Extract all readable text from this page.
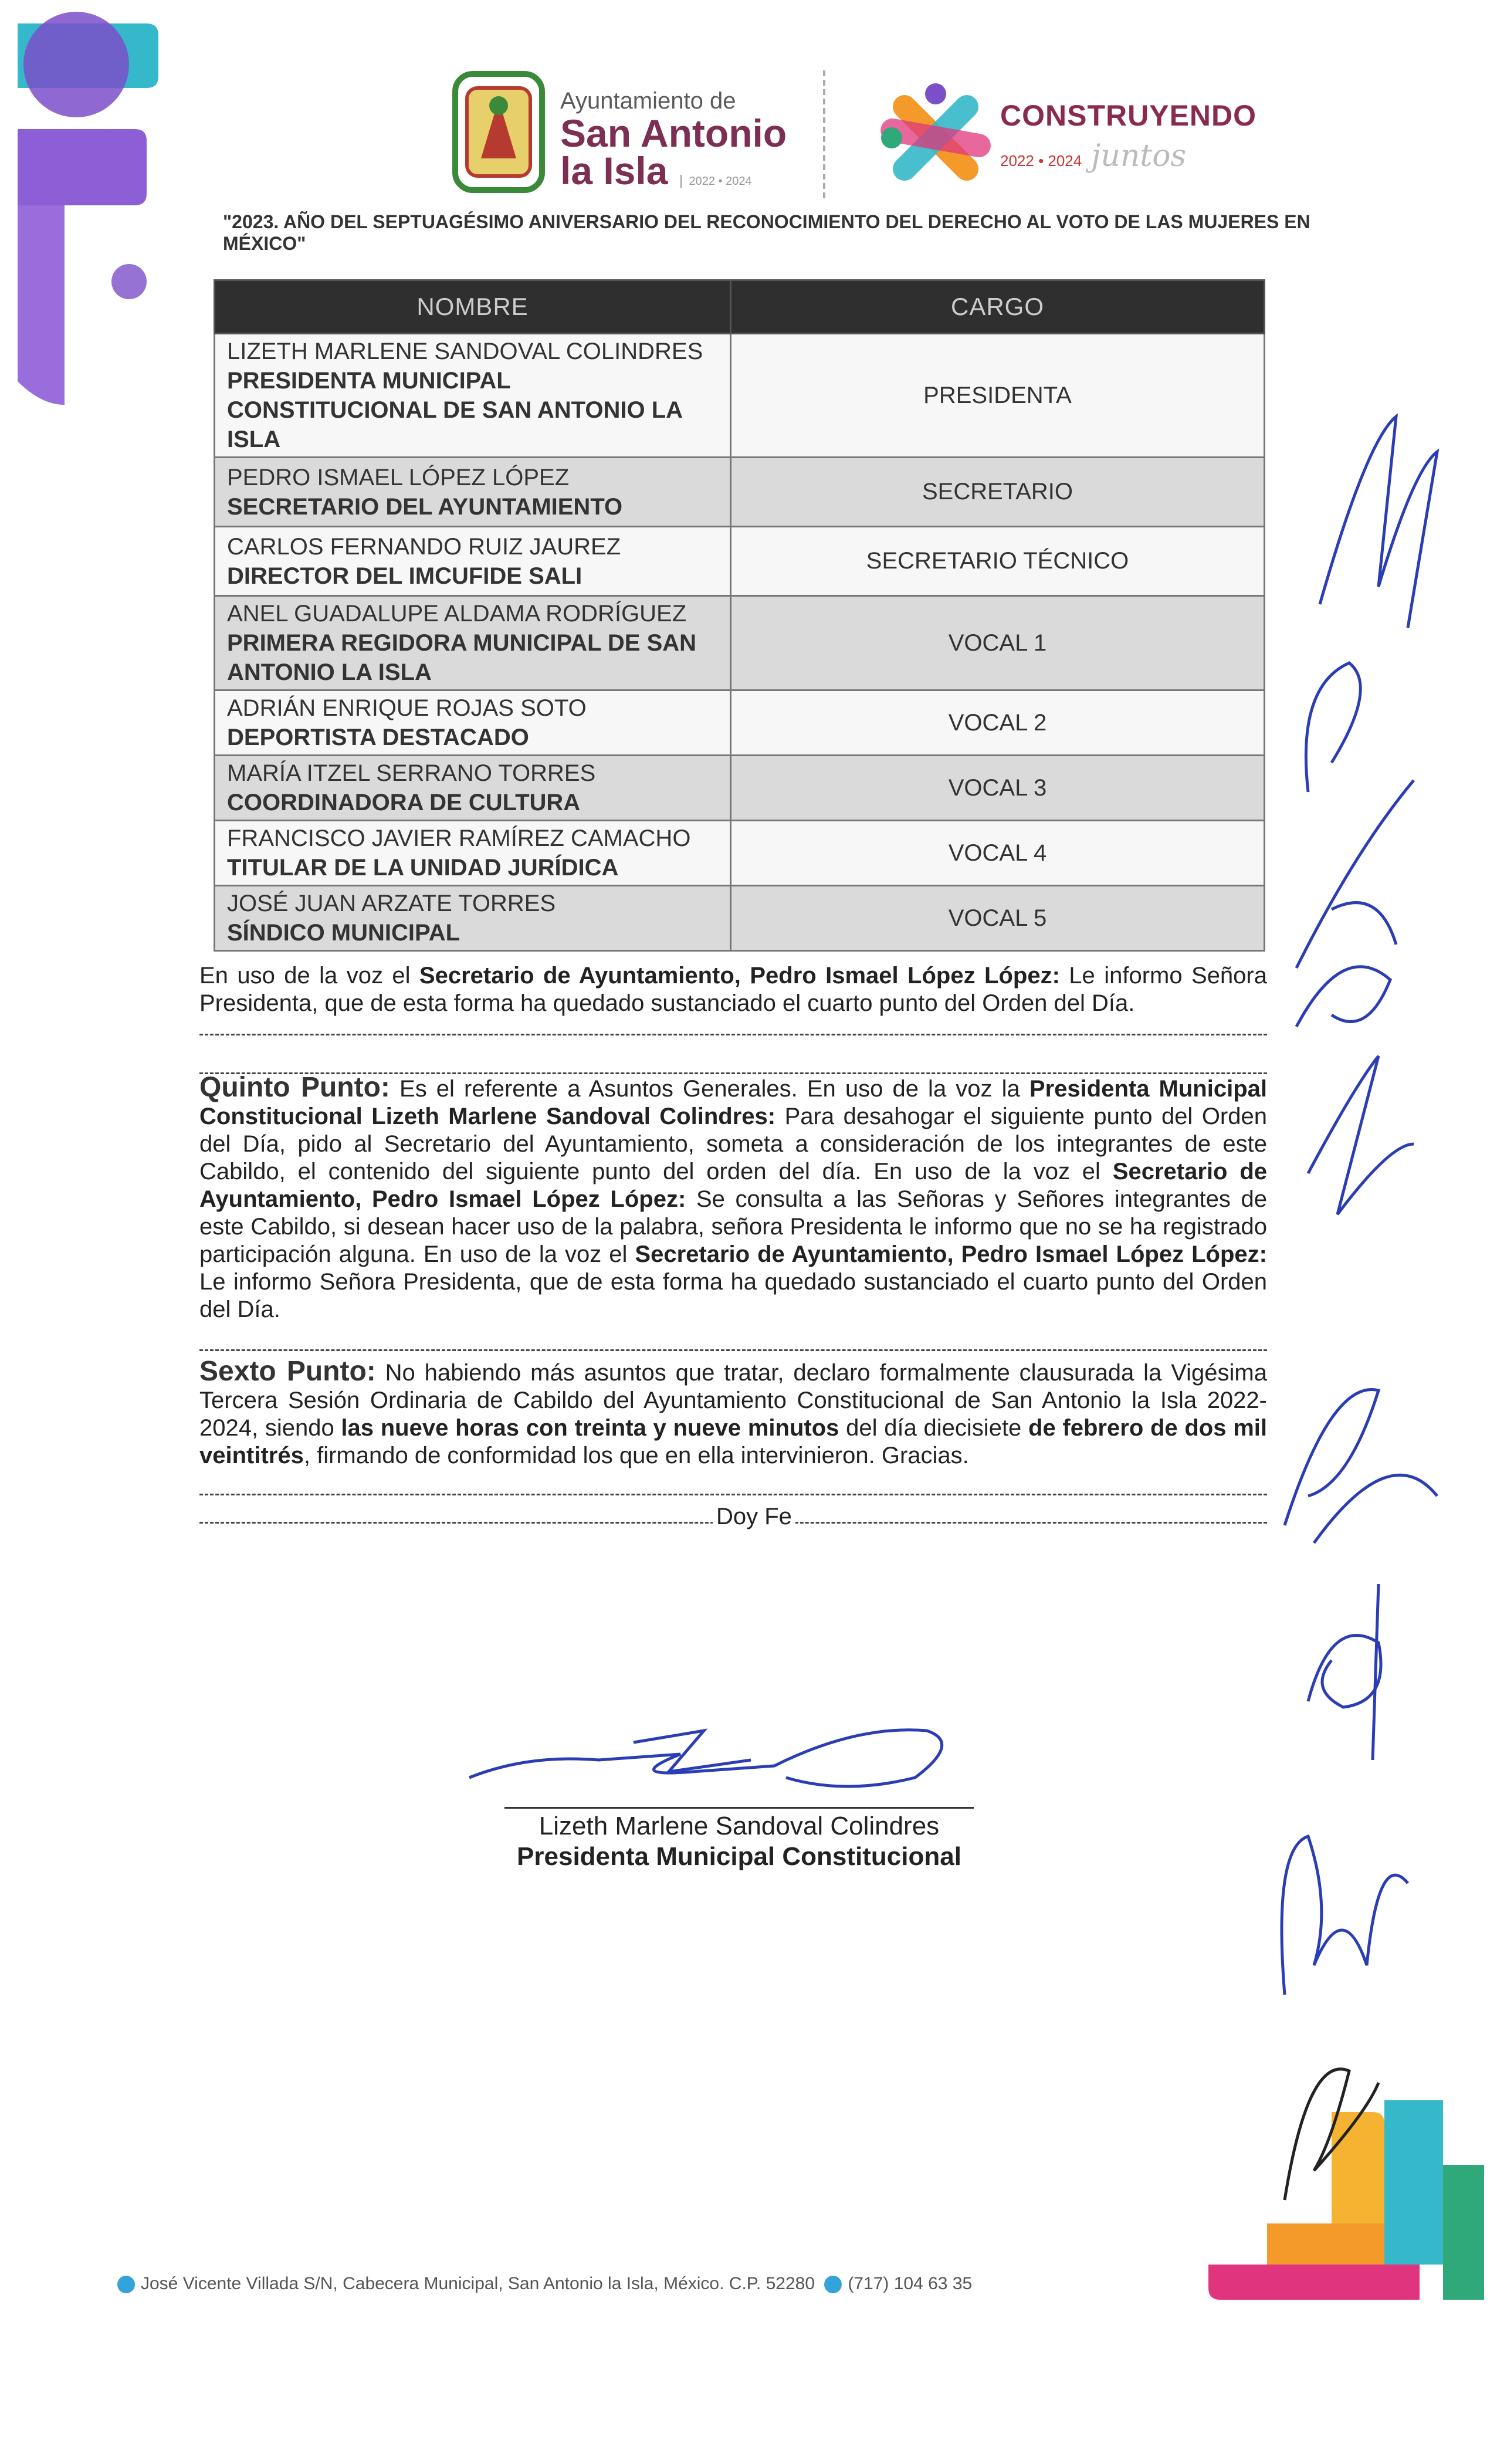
Ayuntamiento de
San Antonio
la Isla 2022 • 2024
CONSTRUYENDO
2022 • 2024 juntos
"2023. AÑO DEL SEPTUAGÉSIMO ANIVERSARIO DEL RECONOCIMIENTO DEL DERECHO AL VOTO DE LAS MUJERES EN MÉXICO"
NOMBRE	CARGO

LIZETH MARLENE SANDOVAL COLINDRES
PRESIDENTA MUNICIPAL CONSTITUCIONAL DE SAN ANTONIO LA ISLA	PRESIDENTA

PEDRO ISMAEL LÓPEZ LÓPEZ
SECRETARIO DEL AYUNTAMIENTO	SECRETARIO

CARLOS FERNANDO RUIZ JAUREZ
DIRECTOR DEL IMCUFIDE SALI	SECRETARIO TÉCNICO

ANEL GUADALUPE ALDAMA RODRÍGUEZ
PRIMERA REGIDORA MUNICIPAL DE SAN ANTONIO LA ISLA	VOCAL 1

ADRIÁN ENRIQUE ROJAS SOTO
DEPORTISTA DESTACADO	VOCAL 2

MARÍA ITZEL SERRANO TORRES
COORDINADORA DE CULTURA	VOCAL 3

FRANCISCO JAVIER RAMÍREZ CAMACHO
TITULAR DE LA UNIDAD JURÍDICA	VOCAL 4

JOSÉ JUAN ARZATE TORRES
SÍNDICO MUNICIPAL	VOCAL 5
En uso de la voz el Secretario de Ayuntamiento, Pedro Ismael López López: Le informo Señora Presidenta, que de esta forma ha quedado sustanciado el cuarto punto del Orden del Día.
Quinto Punto: Es el referente a Asuntos Generales. En uso de la voz la Presidenta Municipal Constitucional Lizeth Marlene Sandoval Colindres: Para desahogar el siguiente punto del Orden del Día, pido al Secretario del Ayuntamiento, someta a consideración de los integrantes de este Cabildo, el contenido del siguiente punto del orden del día. En uso de la voz el Secretario de Ayuntamiento, Pedro Ismael López López: Se consulta a las Señoras y Señores integrantes de este Cabildo, si desean hacer uso de la palabra, señora Presidenta le informo que no se ha registrado participación alguna. En uso de la voz el Secretario de Ayuntamiento, Pedro Ismael López López: Le informo Señora Presidenta, que de esta forma ha quedado sustanciado el cuarto punto del Orden del Día.
Sexto Punto: No habiendo más asuntos que tratar, declaro formalmente clausurada la Vigésima Tercera Sesión Ordinaria de Cabildo del Ayuntamiento Constitucional de San Antonio la Isla 2022-2024, siendo las nueve horas con treinta y nueve minutos del día diecisiete de febrero de dos mil veintitrés, firmando de conformidad los que en ella intervinieron. Gracias.
Doy Fe
Lizeth Marlene Sandoval Colindres
Presidenta Municipal Constitucional
José Vicente Villada S/N, Cabecera Municipal, San Antonio la Isla, México. C.P. 52280 (717) 104 63 35
